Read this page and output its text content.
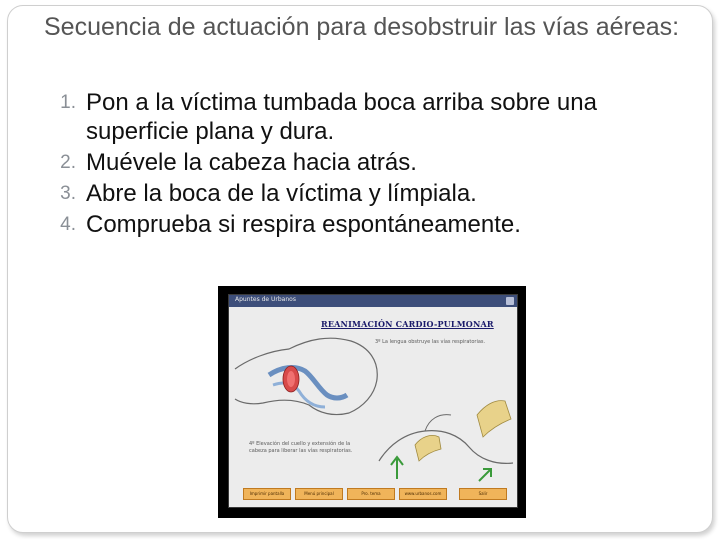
Secuencia de actuación para desobstruir las vías aéreas:
1. Pon a la víctima tumbada boca arriba sobre una superficie plana y dura.
2. Muévele la cabeza hacia atrás.
3. Abre la boca de la víctima y límpiala.
4. Comprueba si respira espontáneamente.
Apuntes de Urbanos
REANIMACIÓN CARDIO-PULMONAR
3º La lengua obstruye las vías respiratorias.
4º Elevación del cuello y extensión de la cabeza para liberar las vías respiratorias.
Imprimir pantalla	Menú principal	Pro. tema	www.urbanos.com	Salir
